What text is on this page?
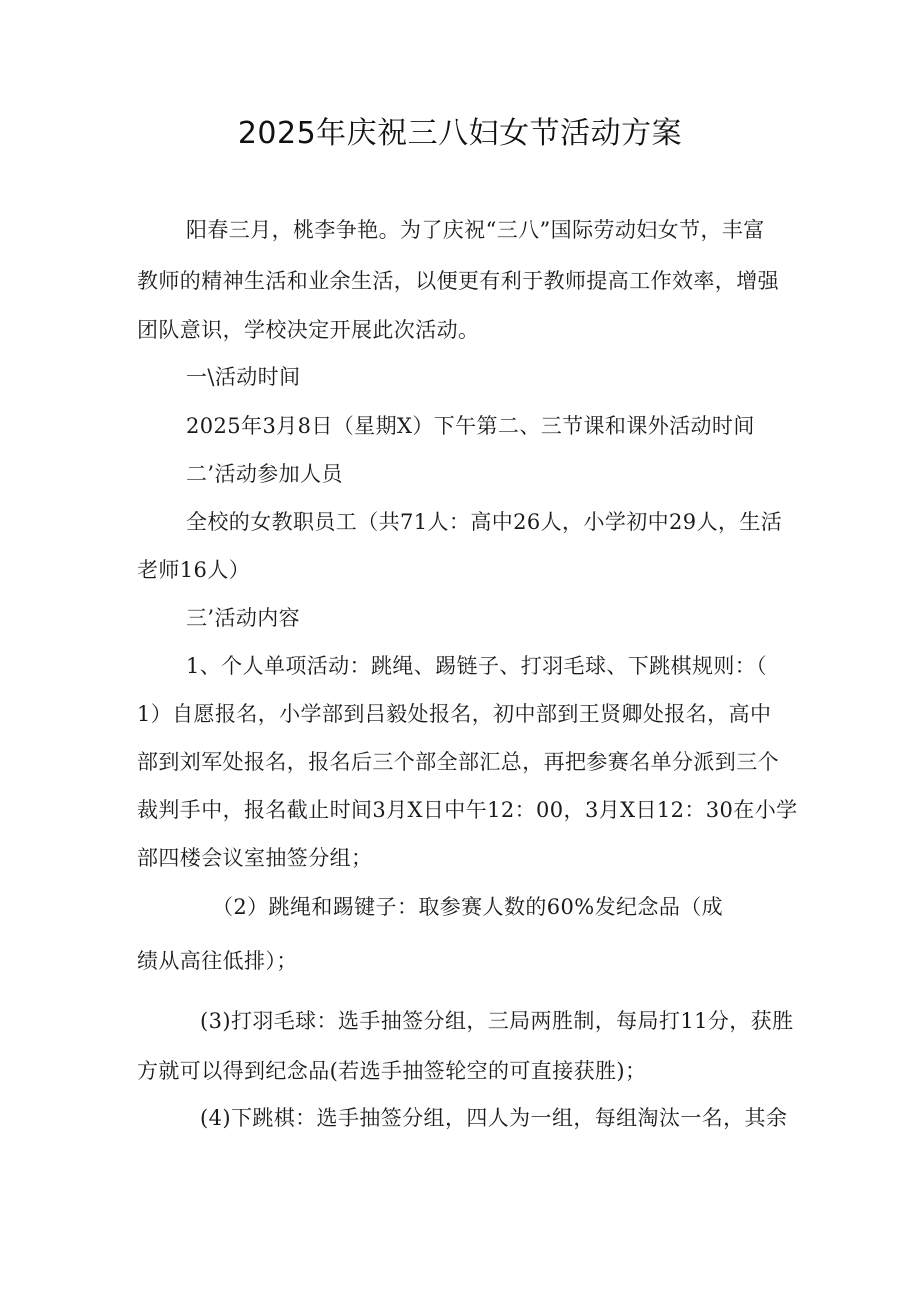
2025年庆祝三八妇女节活动方案

阳春三月，桃李争艳。为了庆祝“三八”国际劳动妇女节，丰富

教师的精神生活和业余生活，以便更有利于教师提高工作效率，增强

团队意识，学校决定开展此次活动。

一\活动时间

2025年3月8日（星期X）下午第二、三节课和课外活动时间

二’活动参加人员

全校的女教职员工（共71人：高中26人，小学初中29人，生活

老师16人）

三’活动内容

1、个人单项活动：跳绳、踢链子、打羽毛球、下跳棋规则：（

1）自愿报名，小学部到吕毅处报名，初中部到王贤卿处报名，高中

部到刘军处报名，报名后三个部全部汇总，再把参赛名单分派到三个

裁判手中，报名截止时间3月X日中午12：00，3月X日12：30在小学

部四楼会议室抽签分组；

（2）跳绳和踢键子：取参赛人数的60%发纪念品（成

绩从高往低排）；

(3)打羽毛球：选手抽签分组，三局两胜制，每局打11分，获胜

方就可以得到纪念品(若选手抽签轮空的可直接获胜)；

(4)下跳棋：选手抽签分组，四人为一组，每组淘汰一名，其余
